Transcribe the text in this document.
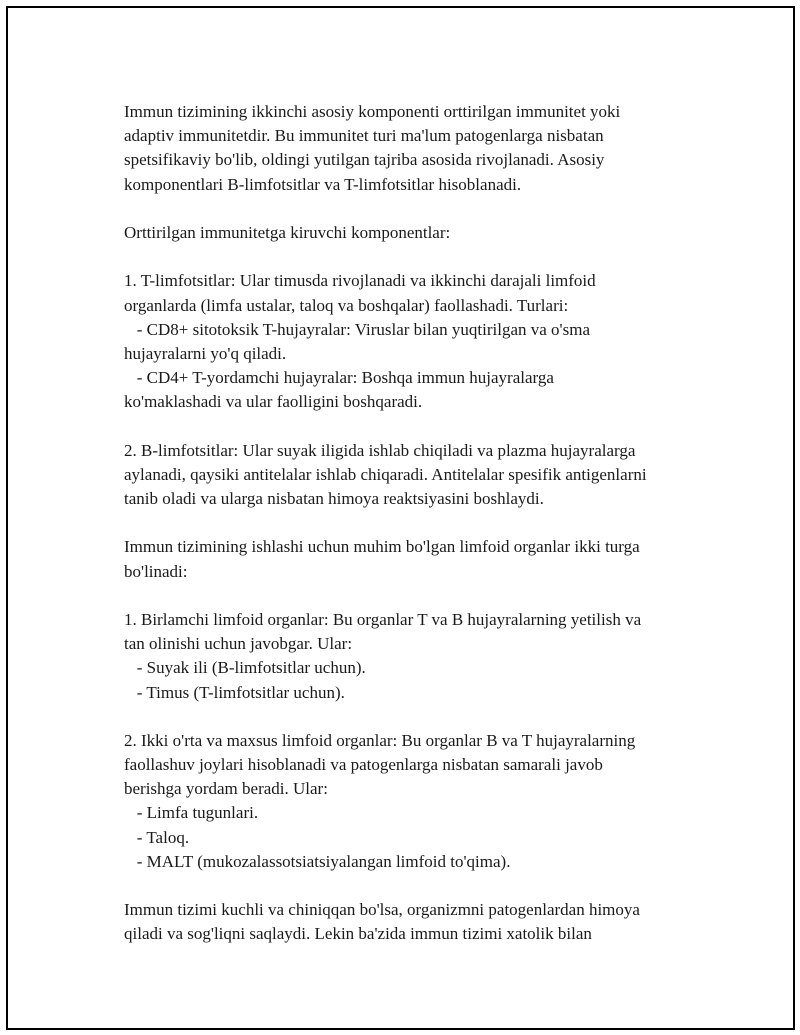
Immun tizimining ikkinchi asosiy komponenti orttirilgan immunitet yoki
adaptiv immunitetdir. Bu immunitet turi ma'lum patogenlarga nisbatan
spetsifikaviy bo'lib, oldingi yutilgan tajriba asosida rivojlanadi. Asosiy
komponentlari B-limfotsitlar va T-limfotsitlar hisoblanadi.
Orttirilgan immunitetga kiruvchi komponentlar:
1. T-limfotsitlar: Ular timusda rivojlanadi va ikkinchi darajali limfoid
organlarda (limfa ustalar, taloq va boshqalar) faollashadi. Turlari:
- CD8+ sitotoksik T-hujayralar: Viruslar bilan yuqtirilgan va o'sma
hujayralarni yo'q qiladi.
- CD4+ T-yordamchi hujayralar: Boshqa immun hujayralarga
ko'maklashadi va ular faolligini boshqaradi.
2. B-limfotsitlar: Ular suyak iligida ishlab chiqiladi va plazma hujayralarga
aylanadi, qaysiki antitelalar ishlab chiqaradi. Antitelalar spesifik antigenlarni
tanib oladi va ularga nisbatan himoya reaktsiyasini boshlaydi.
Immun tizimining ishlashi uchun muhim bo'lgan limfoid organlar ikki turga
bo'linadi:
1. Birlamchi limfoid organlar: Bu organlar T va B hujayralarning yetilish va
tan olinishi uchun javobgar. Ular:
- Suyak ili (B-limfotsitlar uchun).
- Timus (T-limfotsitlar uchun).
2. Ikki o'rta va maxsus limfoid organlar: Bu organlar B va T hujayralarning
faollashuv joylari hisoblanadi va patogenlarga nisbatan samarali javob
berishga yordam beradi. Ular:
- Limfa tugunlari.
- Taloq.
- MALT (mukozalassotsiatsiyalangan limfoid to'qima).
Immun tizimi kuchli va chiniqqan bo'lsa, organizmni patogenlardan himoya
qiladi va sog'liqni saqlaydi. Lekin ba'zida immun tizimi xatolik bilan
